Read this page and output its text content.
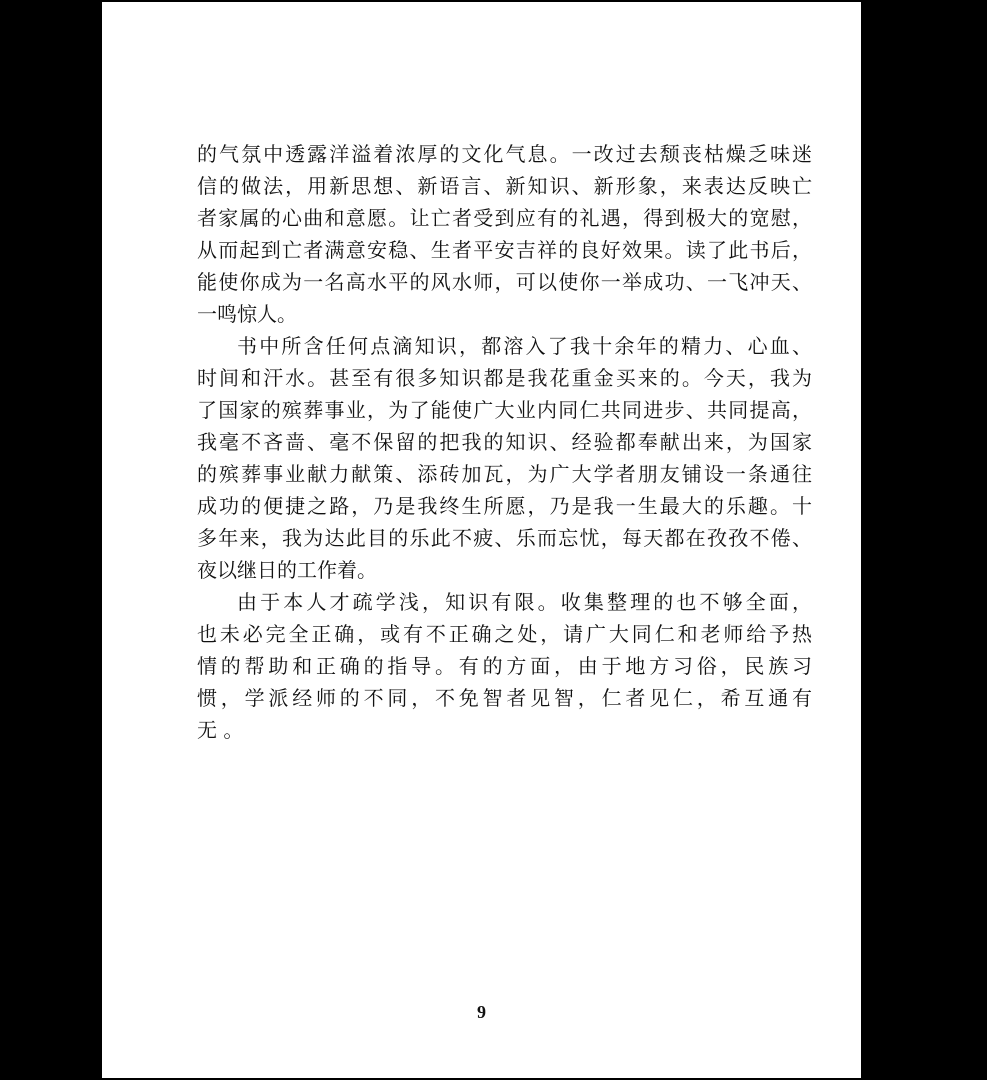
的气氛中透露洋溢着浓厚的文化气息。一改过去颓丧枯燥乏味迷
信的做法，用新思想、新语言、新知识、新形象，来表达反映亡
者家属的心曲和意愿。让亡者受到应有的礼遇，得到极大的宽慰，
从而起到亡者满意安稳、生者平安吉祥的良好效果。读了此书后，
能使你成为一名高水平的风水师，可以使你一举成功、一飞冲天、
一鸣惊人。
书中所含任何点滴知识，都溶入了我十余年的精力、心血、
时间和汗水。甚至有很多知识都是我花重金买来的。今天，我为
了国家的殡葬事业，为了能使广大业内同仁共同进步、共同提高，
我毫不吝啬、毫不保留的把我的知识、经验都奉献出来，为国家
的殡葬事业献力献策、添砖加瓦，为广大学者朋友铺设一条通往
成功的便捷之路，乃是我终生所愿，乃是我一生最大的乐趣。十
多年来，我为达此目的乐此不疲、乐而忘忧，每天都在孜孜不倦、
夜以继日的工作着。
由于本人才疏学浅，知识有限。收集整理的也不够全面，
也未必完全正确，或有不正确之处，请广大同仁和老师给予热
情的帮助和正确的指导。有的方面，由于地方习俗，民族习
惯，学派经师的不同，不免智者见智，仁者见仁，希互通有
无 。
9
